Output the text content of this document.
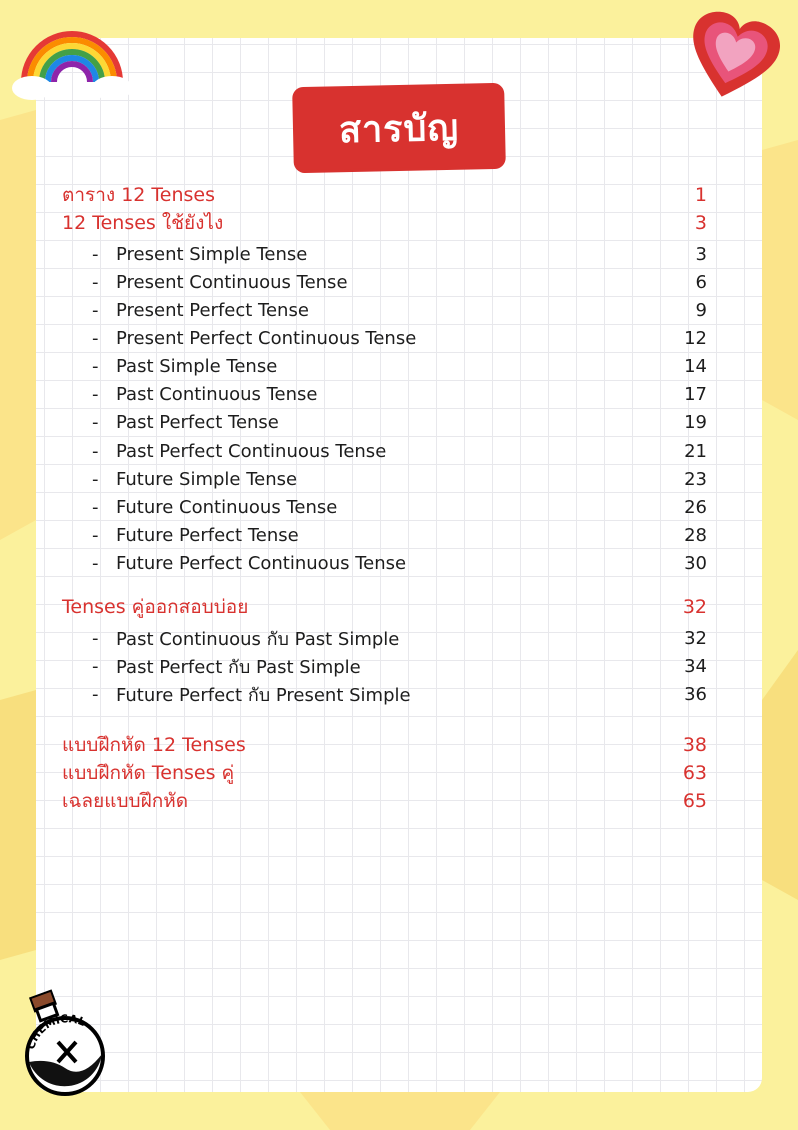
สารบัญ
ตาราง 12 Tenses	1
12 Tenses ใช้ยังไง	3
- Present Simple Tense	3
- Present Continuous Tense	6
- Present Perfect Tense	9
- Present Perfect Continuous Tense	12
- Past Simple Tense	14
- Past Continuous Tense	17
- Past Perfect Tense	19
- Past Perfect Continuous Tense	21
- Future Simple Tense	23
- Future Continuous Tense	26
- Future Perfect Tense	28
- Future Perfect Continuous Tense	30
Tenses คู่ออกสอบบ่อย	32
- Past Continuous กับ Past Simple	32
- Past Perfect กับ Past Simple	34
- Future Perfect กับ Present Simple	36
แบบฝึกหัด 12 Tenses	38
แบบฝึกหัด Tenses คู่	63
เฉลยแบบฝึกหัด	65
CHEMICAL
